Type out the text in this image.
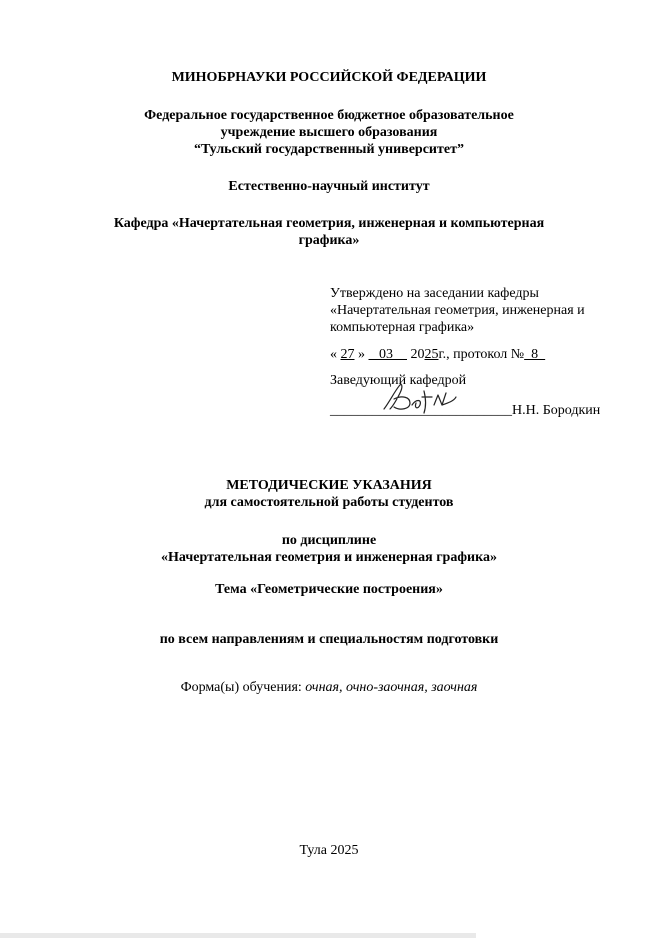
МИНОБРНАУКИ РОССИЙСКОЙ ФЕДЕРАЦИИ
Федеральное государственное бюджетное образовательное
учреждение высшего образования
“Тульский государственный университет”
Естественно-научный институт
Кафедра «Начертательная геометрия, инженерная и компьютерная
графика»
Утверждено на заседании кафедры
«Начертательная геометрия, инженерная и
компьютерная графика»
« 27 »    03     2025г., протокол №  8
Заведующий кафедрой
__________________________Н.Н. Бородкин
МЕТОДИЧЕСКИЕ УКАЗАНИЯ
для самостоятельной работы студентов
по дисциплине
«Начертательная геометрия и инженерная графика»
Тема «Геометрические построения»
по всем направлениям и специальностям подготовки
Форма(ы) обучения: очная, очно-заочная, заочная
Тула 2025
